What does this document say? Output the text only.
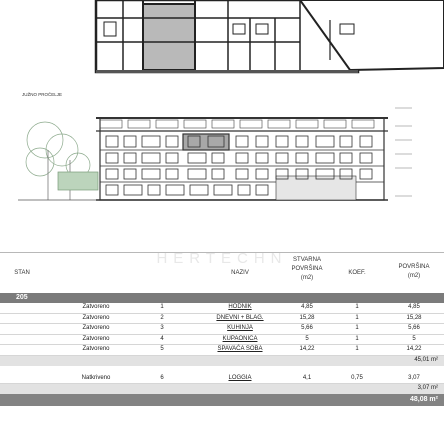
JUŽNO PROČELJE
HERTECHN
STAN	NAZIV
STVARNA
POVRŠINA
(m2)
KOEF.
POVRŠINA
(m2)
205
Zatvoreno	1	HODNIK	4,85	1	4,85
Zatvoreno	2	DNEVNI + BLAG.	15,28	1	15,28
Zatvoreno	3	KUHINJA	5,66	1	5,66
Zatvoreno	4	KUPAONICA	5	1	5
Zatvoreno	5	SPAVAĆA SOBA	14,22	1	14,22
45,01 m²
Natkriveno	6	LOGGIA	4,1	0,75	3,07
3,07 m²
48,08 m²
